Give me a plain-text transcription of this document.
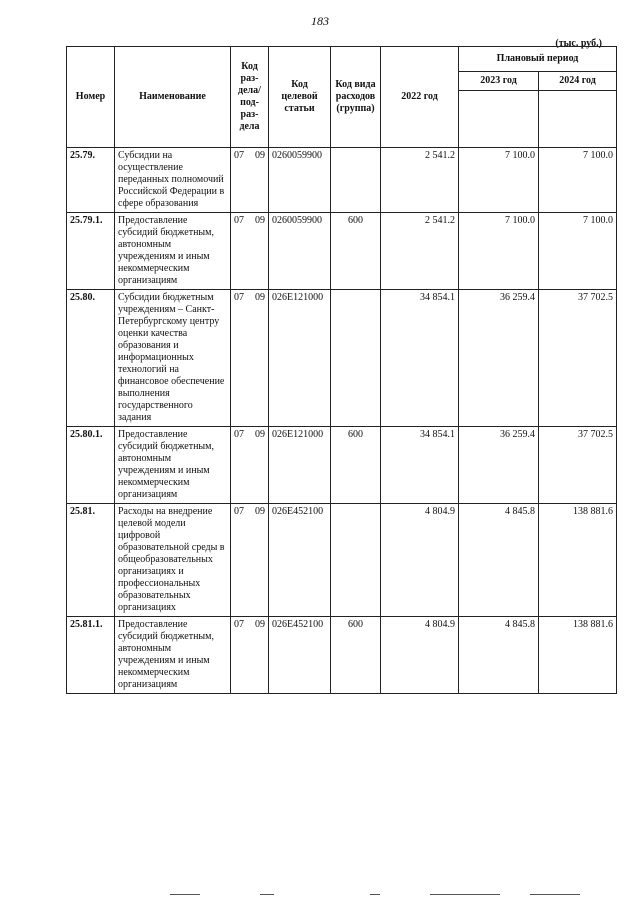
183
(тыс. руб.)
Номер	Наименование	Код раз-дела/ под-раз-дела	Код целевой статьи	Код вида расходов (группа)	2022 год	Плановый период	
						2023 год	2024 год

25.79.	Субсидии на осуществление переданных полномочий Российской Федерации в сфере образования	07 09	0260059900		2 541.2	7 100.0	7 100.0
25.79.1.	Предоставление субсидий бюджетным, автономным учреждениям и иным некоммерческим организациям	07 09	0260059900	600	2 541.2	7 100.0	7 100.0
25.80.	Субсидии бюджетным учреждениям – Санкт-Петербургскому центру оценки качества образования и информационных технологий на финансовое обеспечение выполнения государственного задания	07 09	026E121000		34 854.1	36 259.4	37 702.5
25.80.1.	Предоставление субсидий бюджетным, автономным учреждениям и иным некоммерческим организациям	07 09	026E121000	600	34 854.1	36 259.4	37 702.5
25.81.	Расходы на внедрение целевой модели цифровой образовательной среды в общеобразовательных организациях и профессиональных образовательных организациях	07 09	026E452100		4 804.9	4 845.8	138 881.6
25.81.1.	Предоставление субсидий бюджетным, автономным учреждениям и иным некоммерческим организациям	07 09	026E452100	600	4 804.9	4 845.8	138 881.6
